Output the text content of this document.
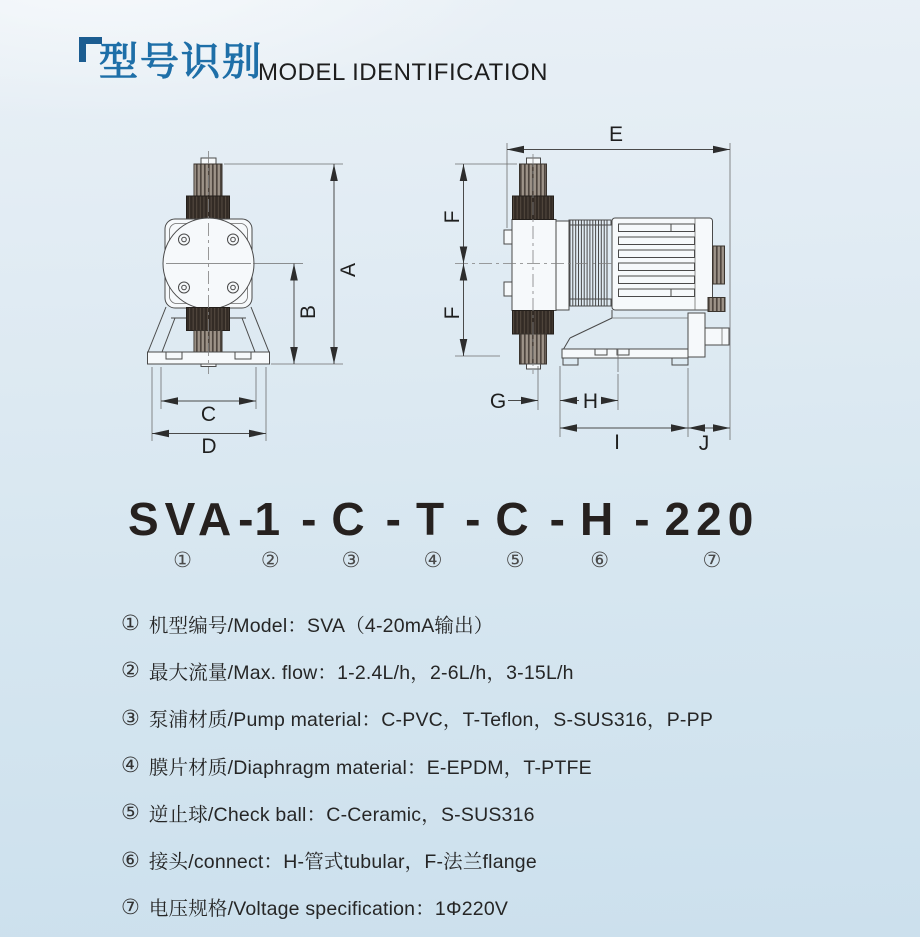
型号识别
MODEL IDENTIFICATION
A
B
C
D
E
F
F
G	H
I	J
SVA
①
- 1
②
- C
③
- T
④
- C
⑤
- H
⑥
- 220
⑦
① 机型编号/Model：SVA（4-20mA输出）
② 最大流量/Max. flow：1-2.4L/h，2-6L/h，3-15L/h
③ 泵浦材质/Pump material：C-PVC，T-Teflon，S-SUS316，P-PP
④ 膜片材质/Diaphragm material：E-EPDM，T-PTFE
⑤ 逆止球/Check ball：C-Ceramic，S-SUS316
⑥ 接头/connect：H-管式tubular，F-法兰flange
⑦ 电压规格/Voltage specification：1Φ220V
